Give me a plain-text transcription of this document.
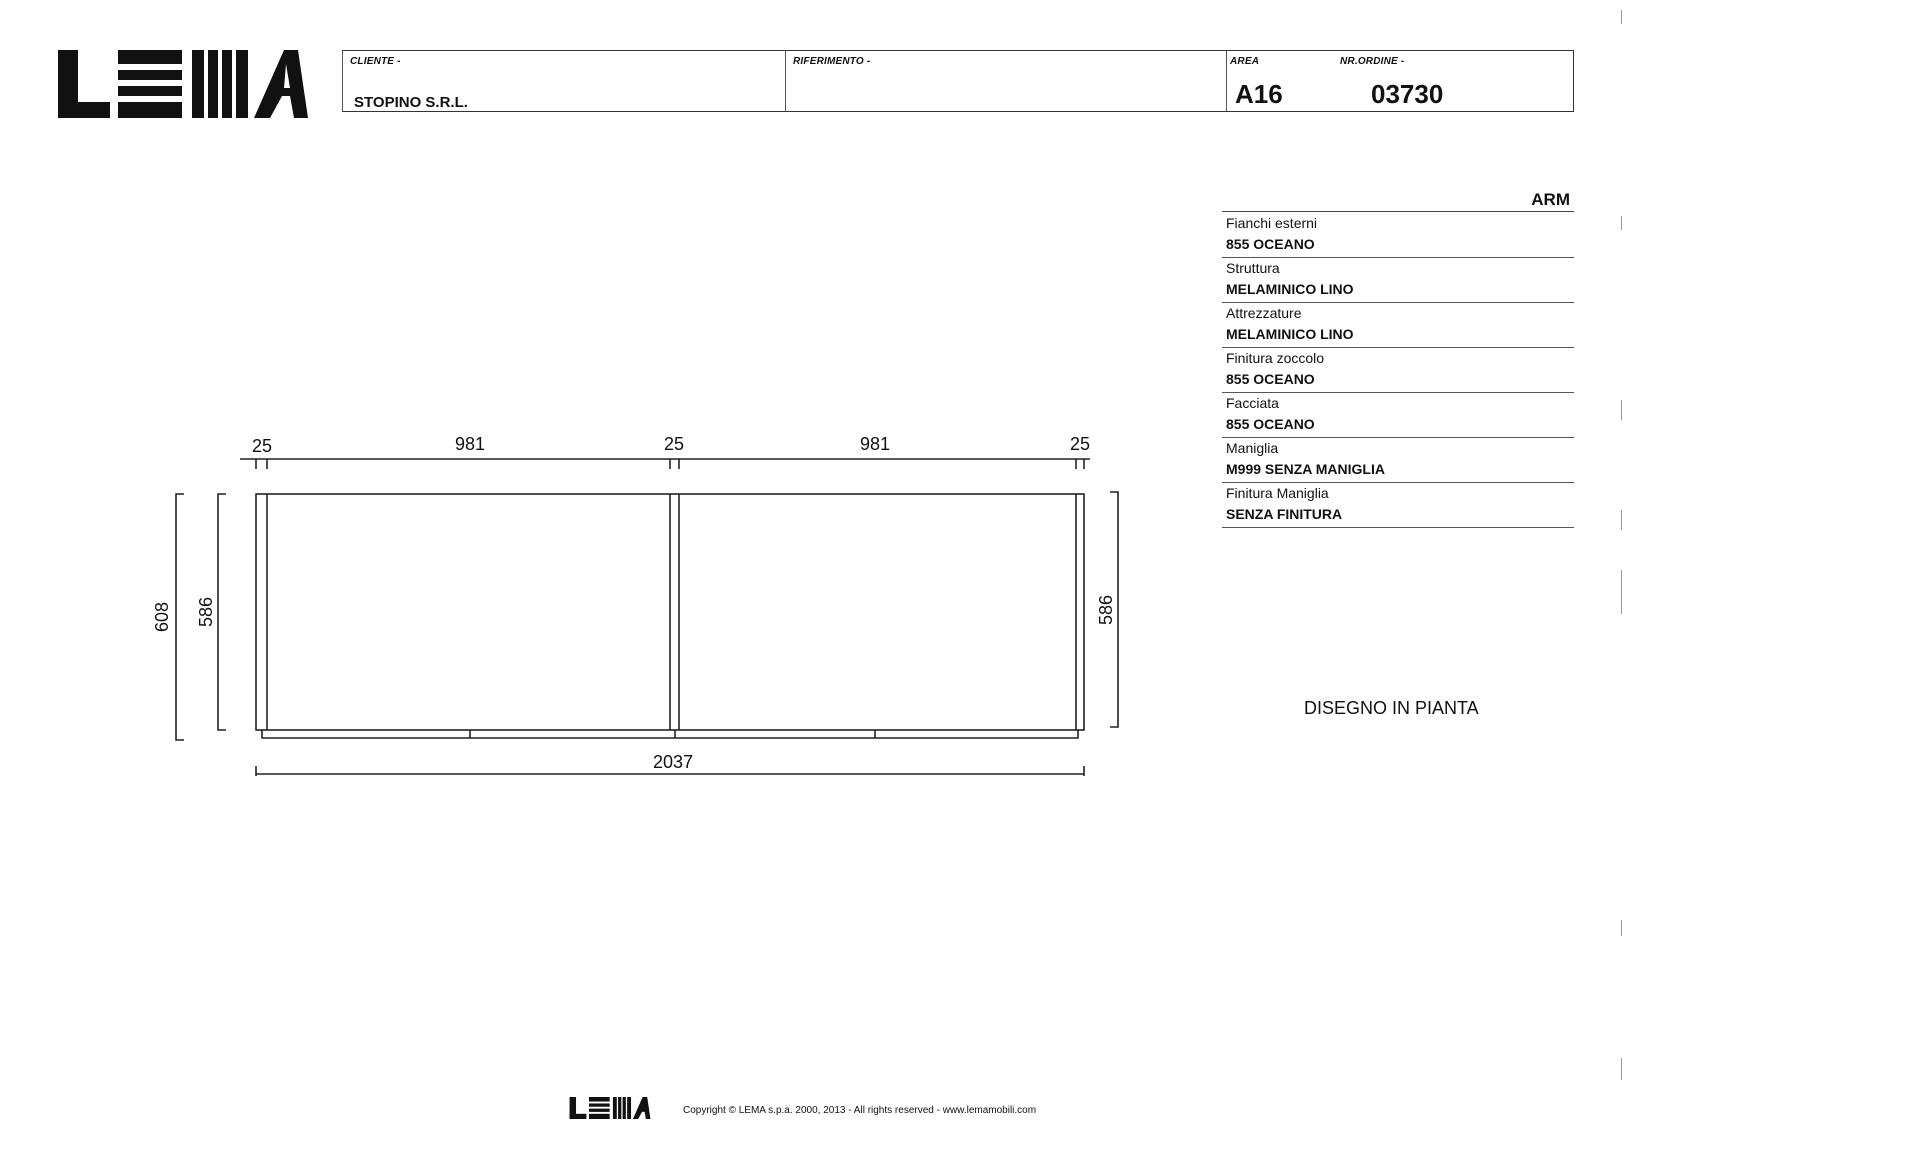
CLIENTE -
STOPINO S.R.L.
RIFERIMENTO -	AREA
A16
NR.ORDINE -
03730
ARM
Fianchi esterni
855 OCEANO
Struttura
MELAMINICO LINO
Attrezzature
MELAMINICO LINO
Finitura zoccolo
855 OCEANO
Facciata
855 OCEANO
Maniglia
M999 SENZA MANIGLIA
Finitura Maniglia
SENZA FINITURA
DISEGNO IN PIANTA
25	981	25	981	25
2037
608 586	586
Copyright © LEMA s.p.a. 2000, 2013 - All rights reserved - www.lemamobili.com
